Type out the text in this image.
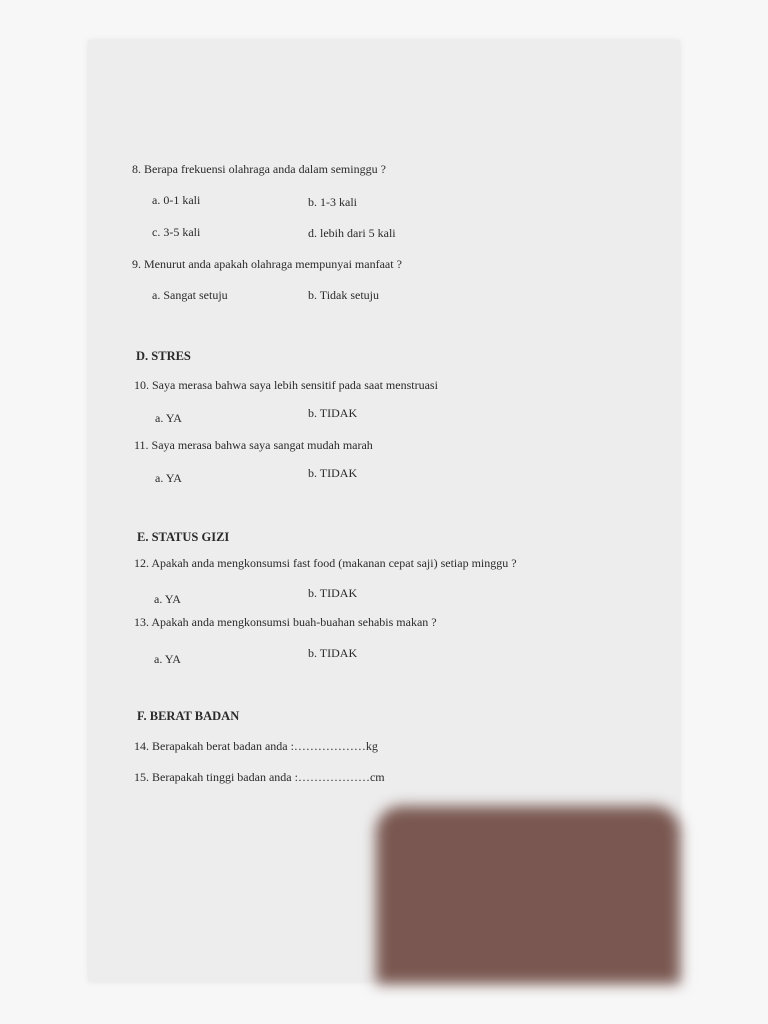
8. Berapa frekuensi olahraga anda dalam seminggu ?
a. 0-1 kali	b. 1-3 kali
c. 3-5 kali	d. lebih dari 5 kali
9. Menurut anda apakah olahraga mempunyai manfaat ?
a. Sangat setuju	b. Tidak setuju
D. STRES
10. Saya merasa bahwa saya lebih sensitif pada saat menstruasi
a. YA	b. TIDAK
11. Saya merasa bahwa saya sangat mudah marah
a. YA	b. TIDAK
E. STATUS GIZI
12. Apakah anda mengkonsumsi fast food (makanan cepat saji) setiap minggu ?
a. YA	b. TIDAK
13. Apakah anda mengkonsumsi buah-buahan sehabis makan ?
a. YA	b. TIDAK
F. BERAT BADAN
14. Berapakah berat badan anda :………………kg
15. Berapakah tinggi badan anda :………………cm
